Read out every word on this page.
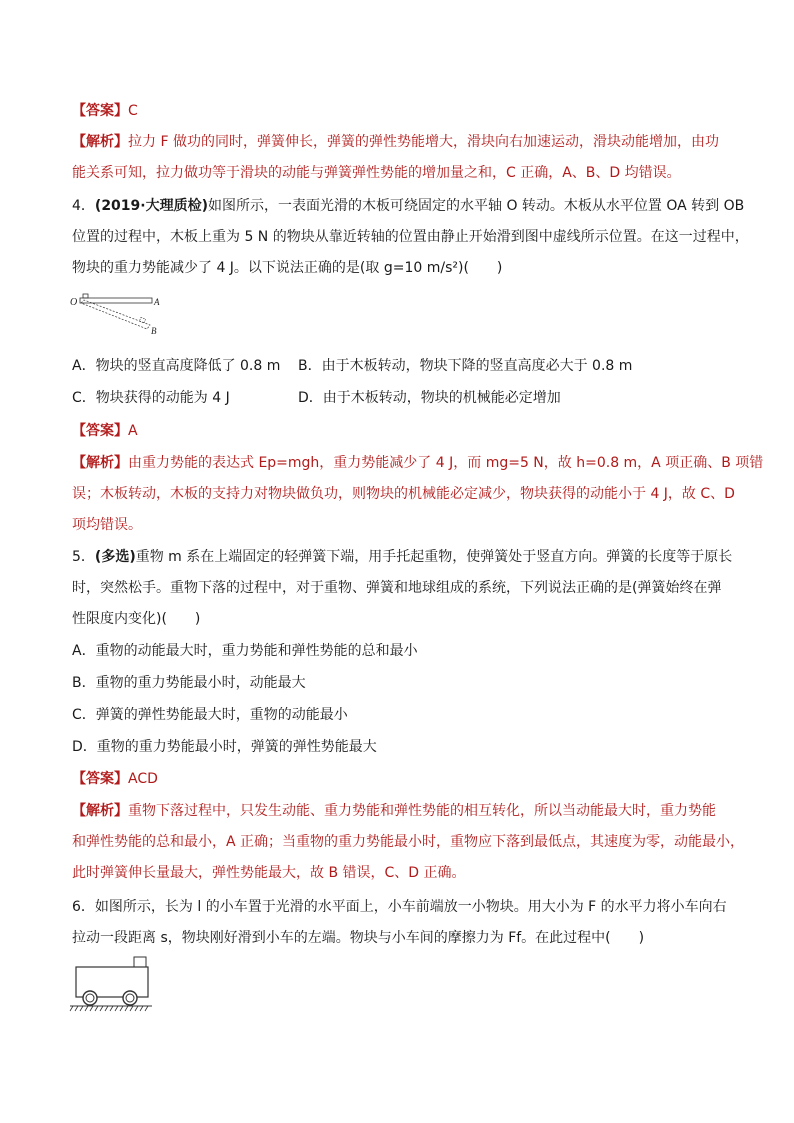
【答案】C
【解析】拉力 F 做功的同时，弹簧伸长，弹簧的弹性势能增大，滑块向右加速运动，滑块动能增加，由功
能关系可知，拉力做功等于滑块的动能与弹簧弹性势能的增加量之和，C 正确，A、B、D 均错误。
4．(2019·大理质检)如图所示，一表面光滑的木板可绕固定的水平轴 O 转动。木板从水平位置 OA 转到 OB
位置的过程中，木板上重为 5 N 的物块从靠近转轴的位置由静止开始滑到图中虚线所示位置。在这一过程中，
物块的重力势能减少了 4 J。以下说法正确的是(取 g=10 m/s²)(　　)
O	A
B
A．物块的竖直高度降低了 0.8 m B．由于木板转动，物块下降的竖直高度必大于 0.8 m
C．物块获得的动能为 4 J	D．由于木板转动，物块的机械能必定增加
【答案】A
【解析】由重力势能的表达式 Ep=mgh，重力势能减少了 4 J，而 mg=5 N，故 h=0.8 m，A 项正确、B 项错
误；木板转动，木板的支持力对物块做负功，则物块的机械能必定减少，物块获得的动能小于 4 J，故 C、D
项均错误。
5．(多选)重物 m 系在上端固定的轻弹簧下端，用手托起重物，使弹簧处于竖直方向。弹簧的长度等于原长
时，突然松手。重物下落的过程中，对于重物、弹簧和地球组成的系统，下列说法正确的是(弹簧始终在弹
性限度内变化)(　　)
A．重物的动能最大时，重力势能和弹性势能的总和最小
B．重物的重力势能最小时，动能最大
C．弹簧的弹性势能最大时，重物的动能最小
D．重物的重力势能最小时，弹簧的弹性势能最大
【答案】ACD
【解析】重物下落过程中，只发生动能、重力势能和弹性势能的相互转化，所以当动能最大时，重力势能
和弹性势能的总和最小，A 正确；当重物的重力势能最小时，重物应下落到最低点，其速度为零，动能最小，
此时弹簧伸长量最大，弹性势能最大，故 B 错误，C、D 正确。
6．如图所示，长为 l 的小车置于光滑的水平面上，小车前端放一小物块。用大小为 F 的水平力将小车向右
拉动一段距离 s，物块刚好滑到小车的左端。物块与小车间的摩擦力为 Ff。在此过程中(　　)
